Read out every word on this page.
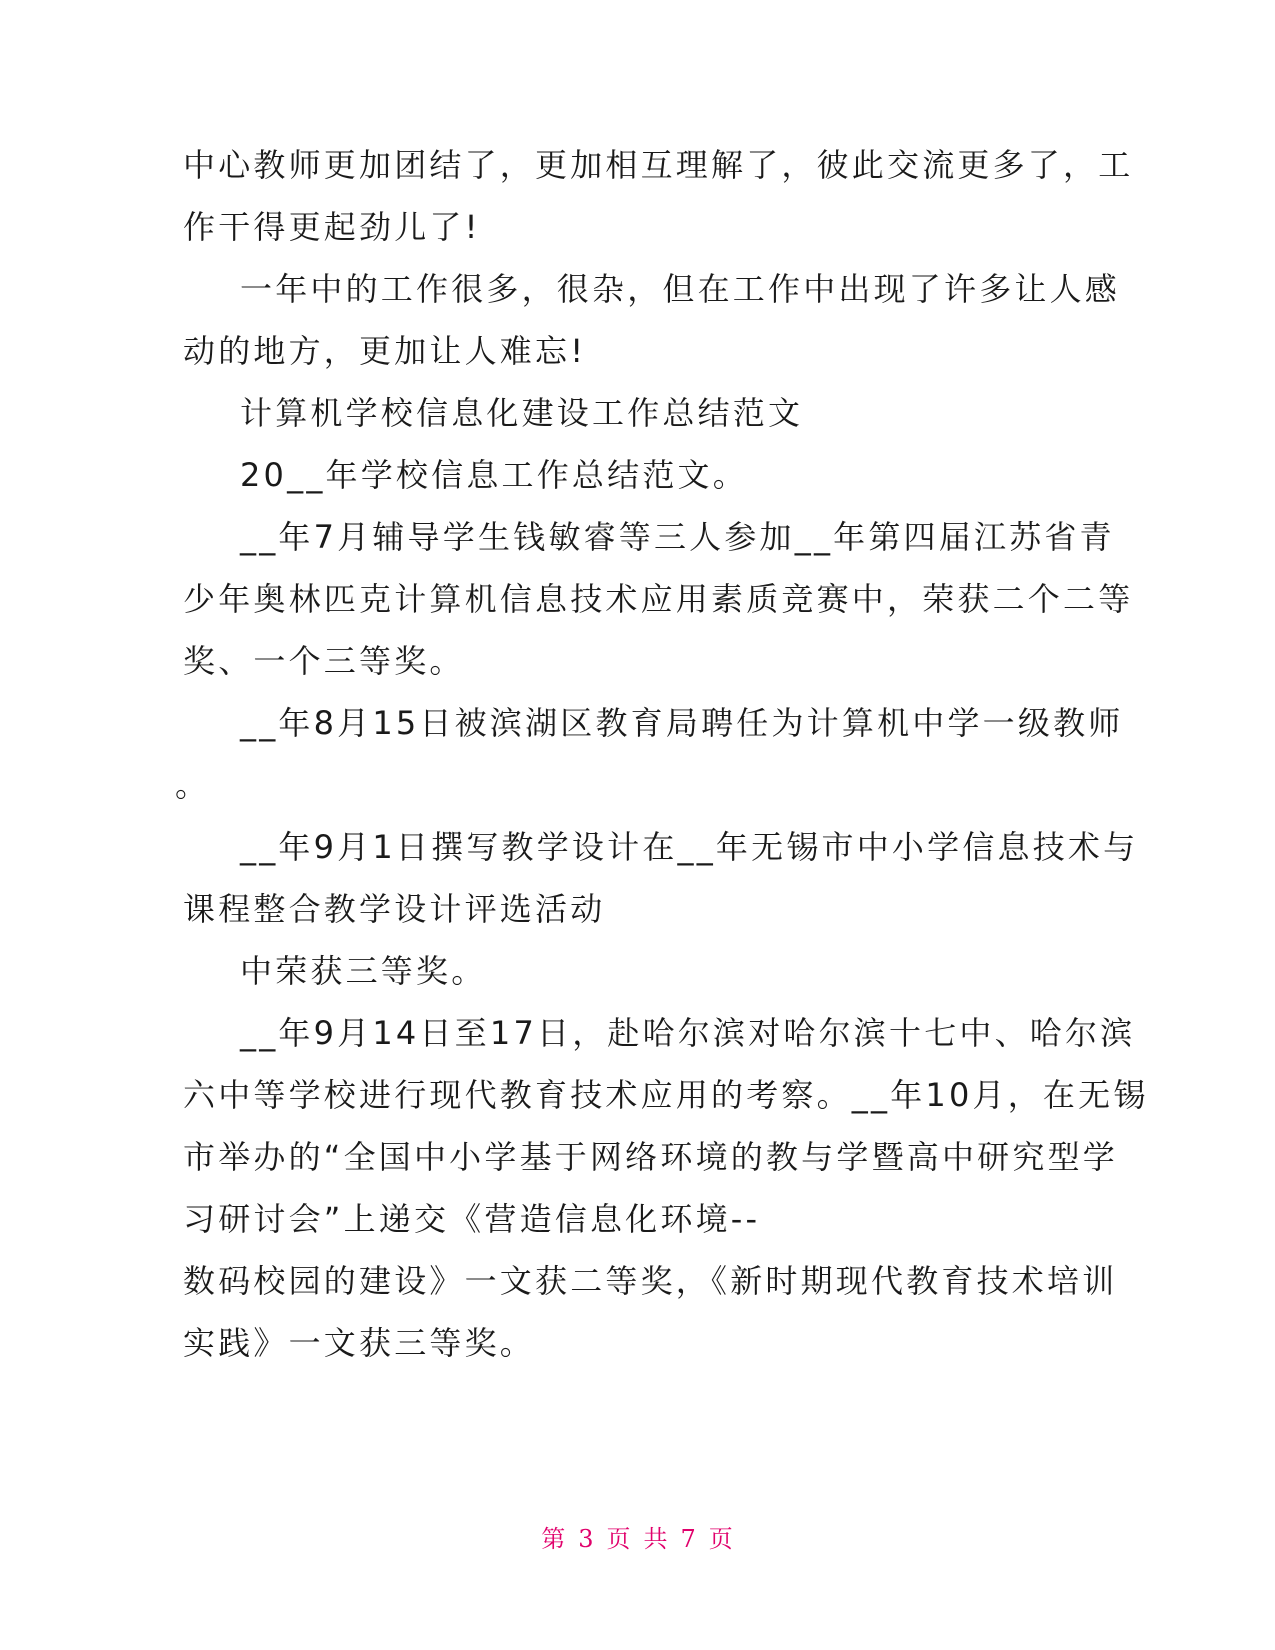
中心教师更加团结了，更加相互理解了，彼此交流更多了，工
作干得更起劲儿了!
一年中的工作很多，很杂，但在工作中出现了许多让人感
动的地方，更加让人难忘!
计算机学校信息化建设工作总结范文
20__年学校信息工作总结范文。
__年7月辅导学生钱敏睿等三人参加__年第四届江苏省青
少年奥林匹克计算机信息技术应用素质竞赛中，荣获二个二等
奖、一个三等奖。
__年8月15日被滨湖区教育局聘任为计算机中学一级教师
。
__年9月1日撰写教学设计在__年无锡市中小学信息技术与
课程整合教学设计评选活动
中荣获三等奖。
__年9月14日至17日，赴哈尔滨对哈尔滨十七中、哈尔滨
六中等学校进行现代教育技术应用的考察。__年10月，在无锡
市举办的“全国中小学基于网络环境的教与学暨高中研究型学
习研讨会”上递交《营造信息化环境--
数码校园的建设》一文获二等奖，《新时期现代教育技术培训
实践》一文获三等奖。
第 3 页 共 7 页
